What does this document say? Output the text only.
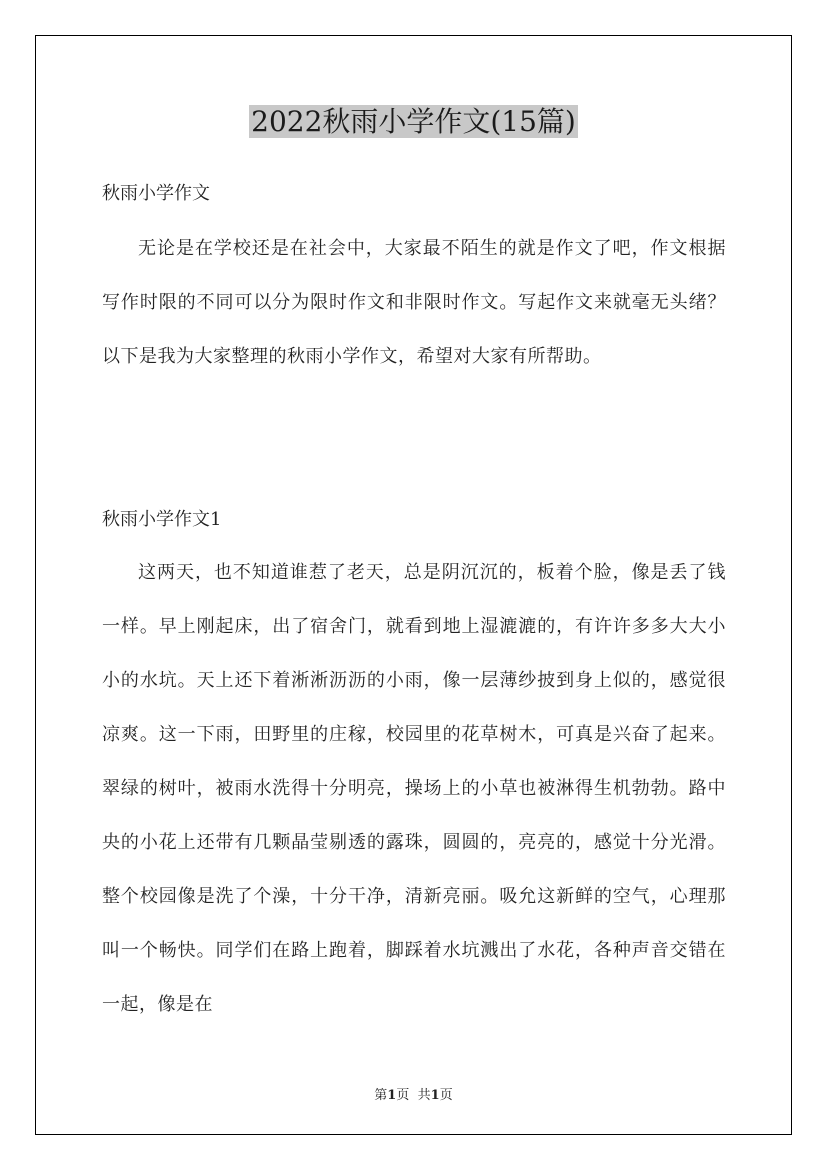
2022秋雨小学作文(15篇)
秋雨小学作文
无论是在学校还是在社会中，大家最不陌生的就是作文了吧，作文根据写作时限的不同可以分为限时作文和非限时作文。写起作文来就毫无头绪？以下是我为大家整理的秋雨小学作文，希望对大家有所帮助。
秋雨小学作文1
这两天，也不知道谁惹了老天，总是阴沉沉的，板着个脸，像是丢了钱一样。早上刚起床，出了宿舍门，就看到地上湿漉漉的，有许许多多大大小小的水坑。天上还下着淅淅沥沥的小雨，像一层薄纱披到身上似的，感觉很凉爽。这一下雨，田野里的庄稼，校园里的花草树木，可真是兴奋了起来。翠绿的树叶，被雨水洗得十分明亮，操场上的小草也被淋得生机勃勃。路中央的小花上还带有几颗晶莹剔透的露珠，圆圆的，亮亮的，感觉十分光滑。整个校园像是洗了个澡，十分干净，清新亮丽。吸允这新鲜的空气，心理那叫一个畅快。同学们在路上跑着，脚踩着水坑溅出了水花，各种声音交错在一起，像是在
第1页 共1页
